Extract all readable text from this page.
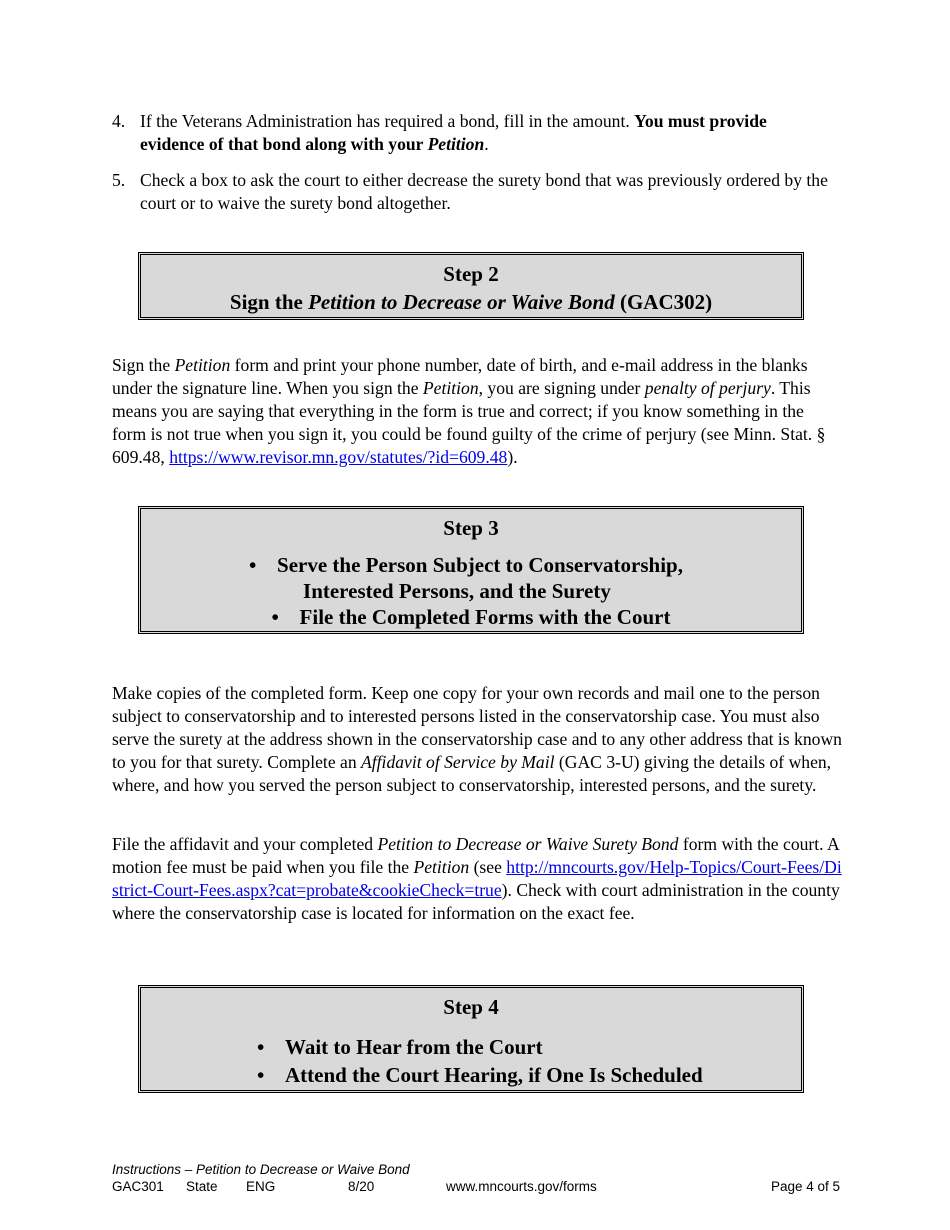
4. If the Veterans Administration has required a bond, fill in the amount. You must provide evidence of that bond along with your Petition.

5. Check a box to ask the court to either decrease the surety bond that was previously ordered by the court or to waive the surety bond altogether.

Step 2
Sign the Petition to Decrease or Waive Bond (GAC302)

Sign the Petition form and print your phone number, date of birth, and e-mail address in the blanks under the signature line. When you sign the Petition, you are signing under penalty of perjury. This means you are saying that everything in the form is true and correct; if you know something in the form is not true when you sign it, you could be found guilty of the crime of perjury (see Minn. Stat. § 609.48, https://www.revisor.mn.gov/statutes/?id=609.48).

Step 3
• Serve the Person Subject to Conservatorship,
Interested Persons, and the Surety
• File the Completed Forms with the Court

Make copies of the completed form. Keep one copy for your own records and mail one to the person subject to conservatorship and to interested persons listed in the conservatorship case. You must also serve the surety at the address shown in the conservatorship case and to any other address that is known to you for that surety. Complete an Affidavit of Service by Mail (GAC 3-U) giving the details of when, where, and how you served the person subject to conservatorship, interested persons, and the surety.

File the affidavit and your completed Petition to Decrease or Waive Surety Bond form with the court. A motion fee must be paid when you file the Petition (see http://mncourts.gov/Help-Topics/Court-Fees/District-Court-Fees.aspx?cat=probate&cookieCheck=true). Check with court administration in the county where the conservatorship case is located for information on the exact fee.

Step 4
• Wait to Hear from the Court
• Attend the Court Hearing, if One Is Scheduled
Instructions – Petition to Decrease or Waive Bond
GAC301 State ENG	8/20	www.mncourts.gov/forms	Page 4 of 5
